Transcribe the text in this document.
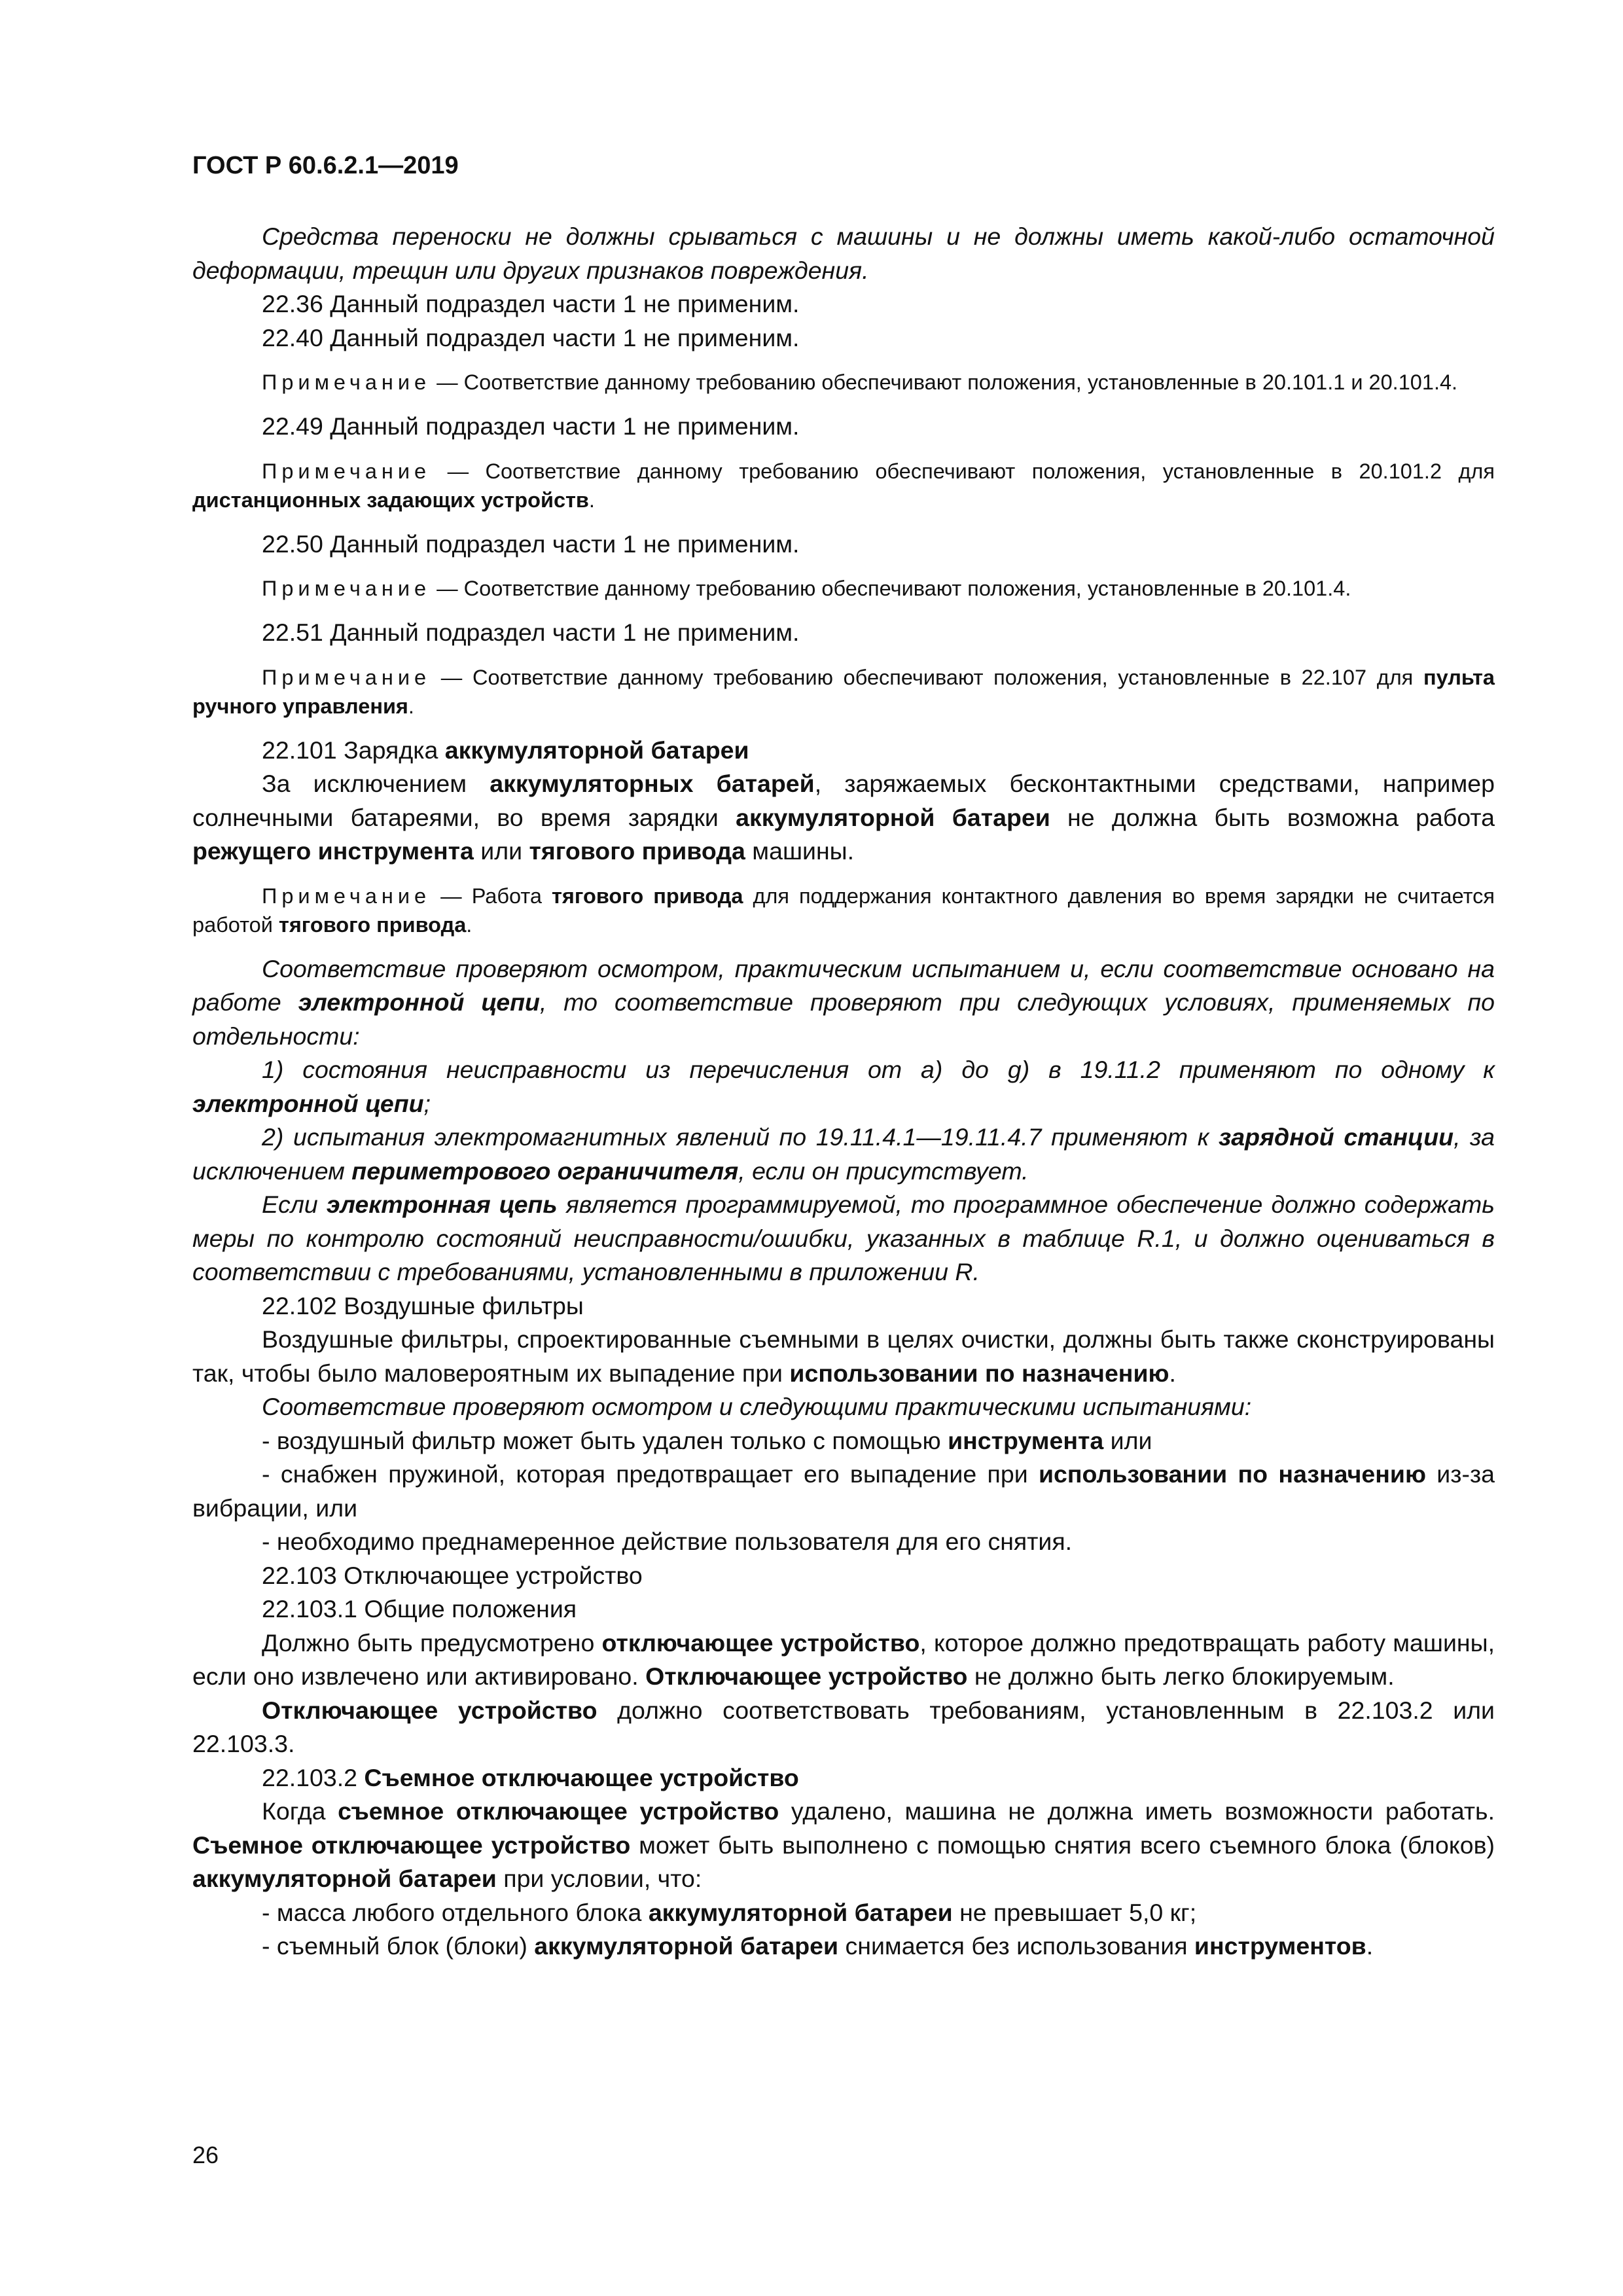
ГОСТ Р 60.6.2.1—2019

Средства переноски не должны срываться с машины и не должны иметь какой-либо остаточной деформации, трещин или других признаков повреждения.

22.36 Данный подраздел части 1 не применим.

22.40 Данный подраздел части 1 не применим.

Примечание — Соответствие данному требованию обеспечивают положения, установленные в 20.101.1 и 20.101.4.

22.49 Данный подраздел части 1 не применим.

Примечание — Соответствие данному требованию обеспечивают положения, установленные в 20.101.2 для дистанционных задающих устройств.

22.50 Данный подраздел части 1 не применим.

Примечание — Соответствие данному требованию обеспечивают положения, установленные в 20.101.4.

22.51 Данный подраздел части 1 не применим.

Примечание — Соответствие данному требованию обеспечивают положения, установленные в 22.107 для пульта ручного управления.

22.101 Зарядка аккумуляторной батареи

За исключением аккумуляторных батарей, заряжаемых бесконтактными средствами, например солнечными батареями, во время зарядки аккумуляторной батареи не должна быть возможна работа режущего инструмента или тягового привода машины.

Примечание — Работа тягового привода для поддержания контактного давления во время зарядки не считается работой тягового привода.

Соответствие проверяют осмотром, практическим испытанием и, если соответствие основано на работе электронной цепи, то соответствие проверяют при следующих условиях, применяемых по отдельности:

1) состояния неисправности из перечисления от а) до g) в 19.11.2 применяют по одному к электронной цепи;

2) испытания электромагнитных явлений по 19.11.4.1—19.11.4.7 применяют к зарядной станции, за исключением периметрового ограничителя, если он присутствует.

Если электронная цепь является программируемой, то программное обеспечение должно содержать меры по контролю состояний неисправности/ошибки, указанных в таблице R.1, и должно оцениваться в соответствии с требованиями, установленными в приложении R.

22.102 Воздушные фильтры

Воздушные фильтры, спроектированные съемными в целях очистки, должны быть также сконструированы так, чтобы было маловероятным их выпадение при использовании по назначению.

Соответствие проверяют осмотром и следующими практическими испытаниями:

- воздушный фильтр может быть удален только с помощью инструмента или

- снабжен пружиной, которая предотвращает его выпадение при использовании по назначению из-за вибрации, или

- необходимо преднамеренное действие пользователя для его снятия.

22.103 Отключающее устройство

22.103.1 Общие положения

Должно быть предусмотрено отключающее устройство, которое должно предотвращать работу машины, если оно извлечено или активировано. Отключающее устройство не должно быть легко блокируемым.

Отключающее устройство должно соответствовать требованиям, установленным в 22.103.2 или 22.103.3.

22.103.2 Съемное отключающее устройство

Когда съемное отключающее устройство удалено, машина не должна иметь возможности работать. Съемное отключающее устройство может быть выполнено с помощью снятия всего съемного блока (блоков) аккумуляторной батареи при условии, что:

- масса любого отдельного блока аккумуляторной батареи не превышает 5,0 кг;

- съемный блок (блоки) аккумуляторной батареи снимается без использования инструментов.

26
